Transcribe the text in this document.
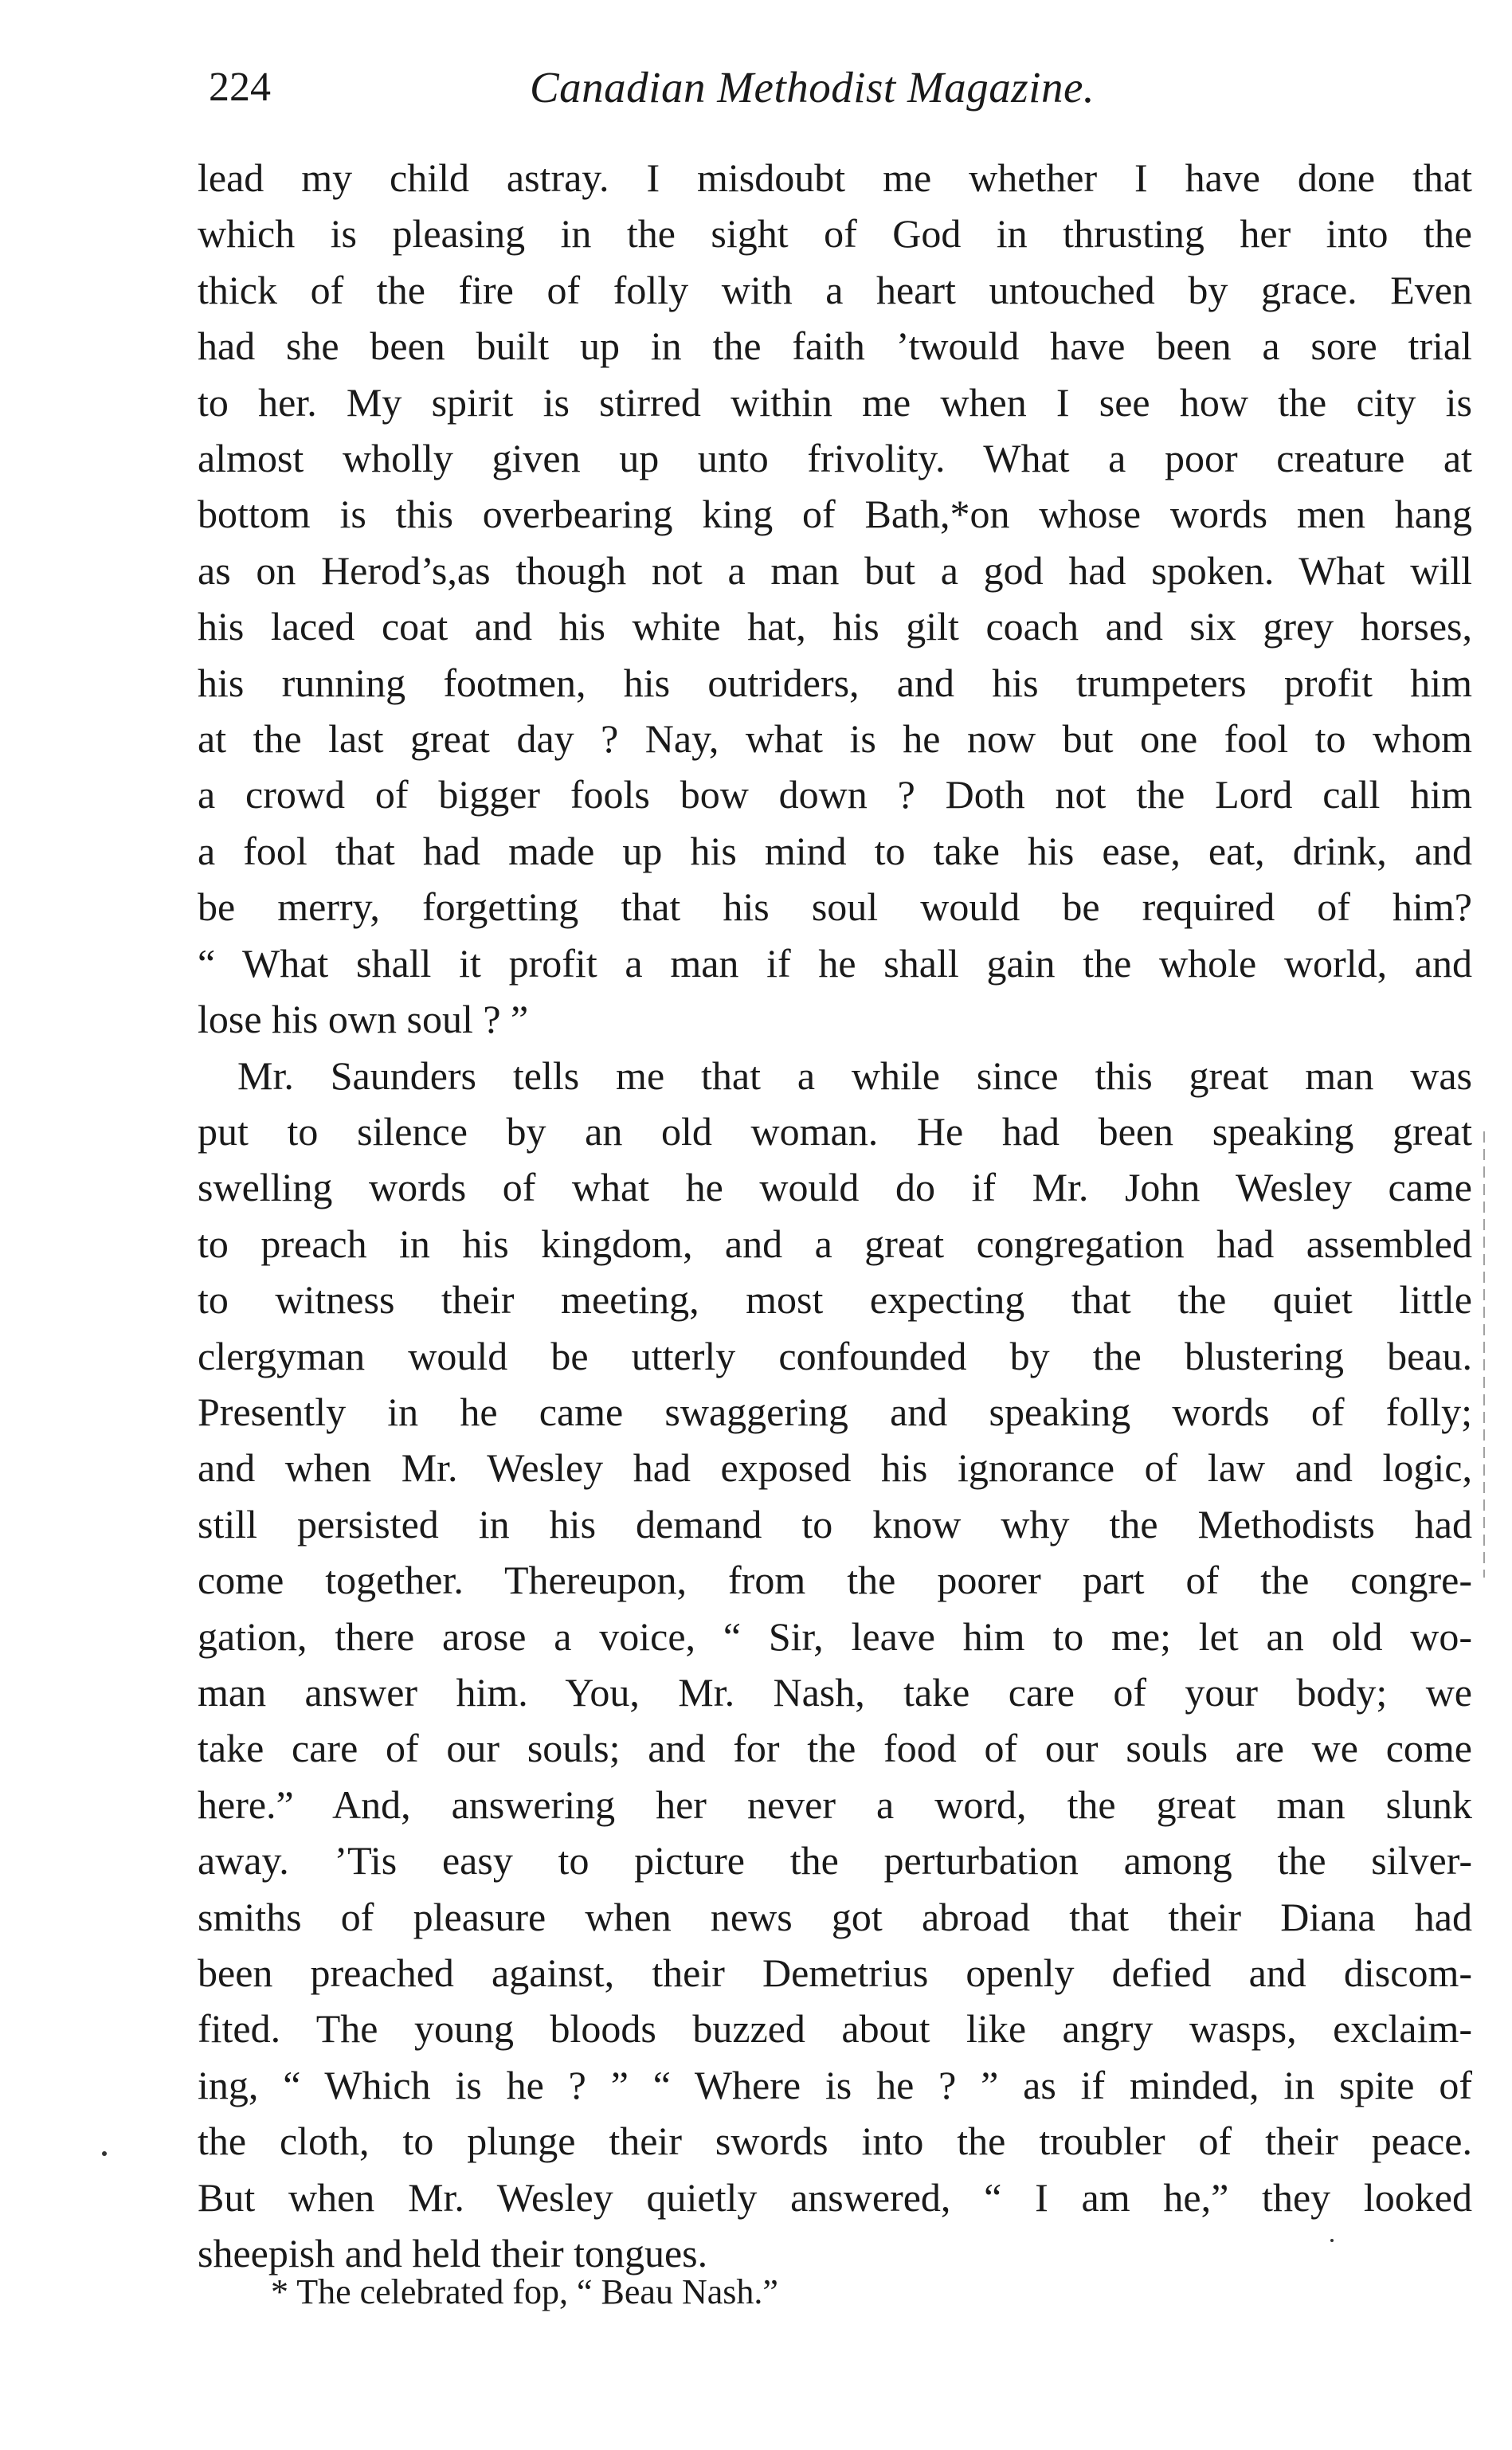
224	Canadian Methodist Magazine.

lead my child astray. I misdoubt me whether I have done that
which is pleasing in the sight of God in thrusting her into the
thick of the fire of folly with a heart untouched by grace. Even
had she been built up in the faith ’twould have been a sore trial
to her. My spirit is stirred within me when I see how the city is
almost wholly given up unto frivolity. What a poor creature at
bottom is this overbearing king of Bath,*on whose words men hang
as on Herod’s,as though not a man but a god had spoken. What will
his laced coat and his white hat, his gilt coach and six grey horses,
his running footmen, his outriders, and his trumpeters profit him
at the last great day ? Nay, what is he now but one fool to whom
a crowd of bigger fools bow down ? Doth not the Lord call him
a fool that had made up his mind to take his ease, eat, drink, and
be merry, forgetting that his soul would be required of him?
“ What shall it profit a man if he shall gain the whole world, and
lose his own soul ? ”

Mr. Saunders tells me that a while since this great man was
put to silence by an old woman. He had been speaking great
swelling words of what he would do if Mr. John Wesley came
to preach in his kingdom, and a great congregation had assembled
to witness their meeting, most expecting that the quiet little
clergyman would be utterly confounded by the blustering beau.
Presently in he came swaggering and speaking words of folly;
and when Mr. Wesley had exposed his ignorance of law and logic,
still persisted in his demand to know why the Methodists had
come together. Thereupon, from the poorer part of the congre-
gation, there arose a voice, “ Sir, leave him to me; let an old wo-
man answer him. You, Mr. Nash, take care of your body; we
take care of our souls; and for the food of our souls are we come
here.” And, answering her never a word, the great man slunk
away. ’Tis easy to picture the perturbation among the silver-
smiths of pleasure when news got abroad that their Diana had
been preached against, their Demetrius openly defied and discom-
fited. The young bloods buzzed about like angry wasps, exclaim-
ing, “ Which is he ? ” “ Where is he ? ” as if minded, in spite of
the cloth, to plunge their swords into the troubler of their peace.
But when Mr. Wesley quietly answered, “ I am he,” they looked
sheepish and held their tongues.

* The celebrated fop, “ Beau Nash.”
